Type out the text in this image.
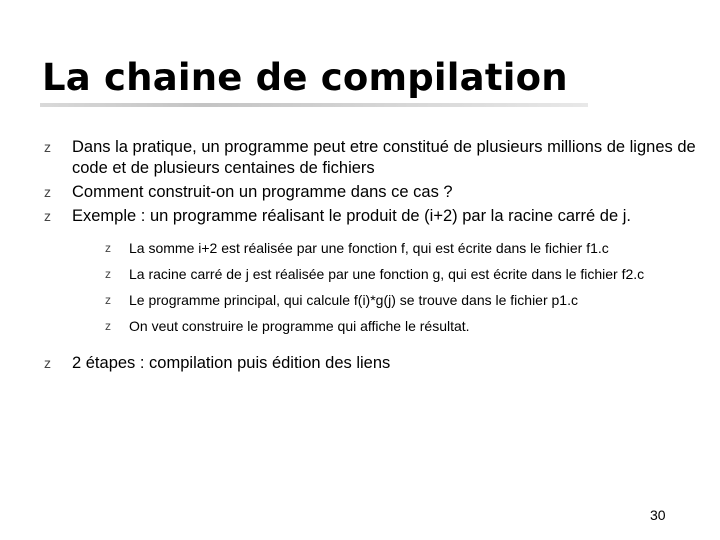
La chaine de compilation
z Dans la pratique, un programme peut etre constitué de plusieurs millions de lignes de code et de plusieurs centaines de fichiers
z Comment construit-on un programme dans ce cas ?
z Exemple : un programme réalisant le produit de (i+2) par la racine carré de j.
z La somme i+2 est réalisée par une fonction f, qui est écrite dans le fichier f1.c
z La racine carré de j est réalisée par une fonction g, qui est écrite dans le fichier f2.c
z Le programme principal, qui calcule f(i)*g(j) se trouve dans le fichier p1.c
z On veut construire le programme qui affiche le résultat.
z 2 étapes : compilation puis édition des liens
30
